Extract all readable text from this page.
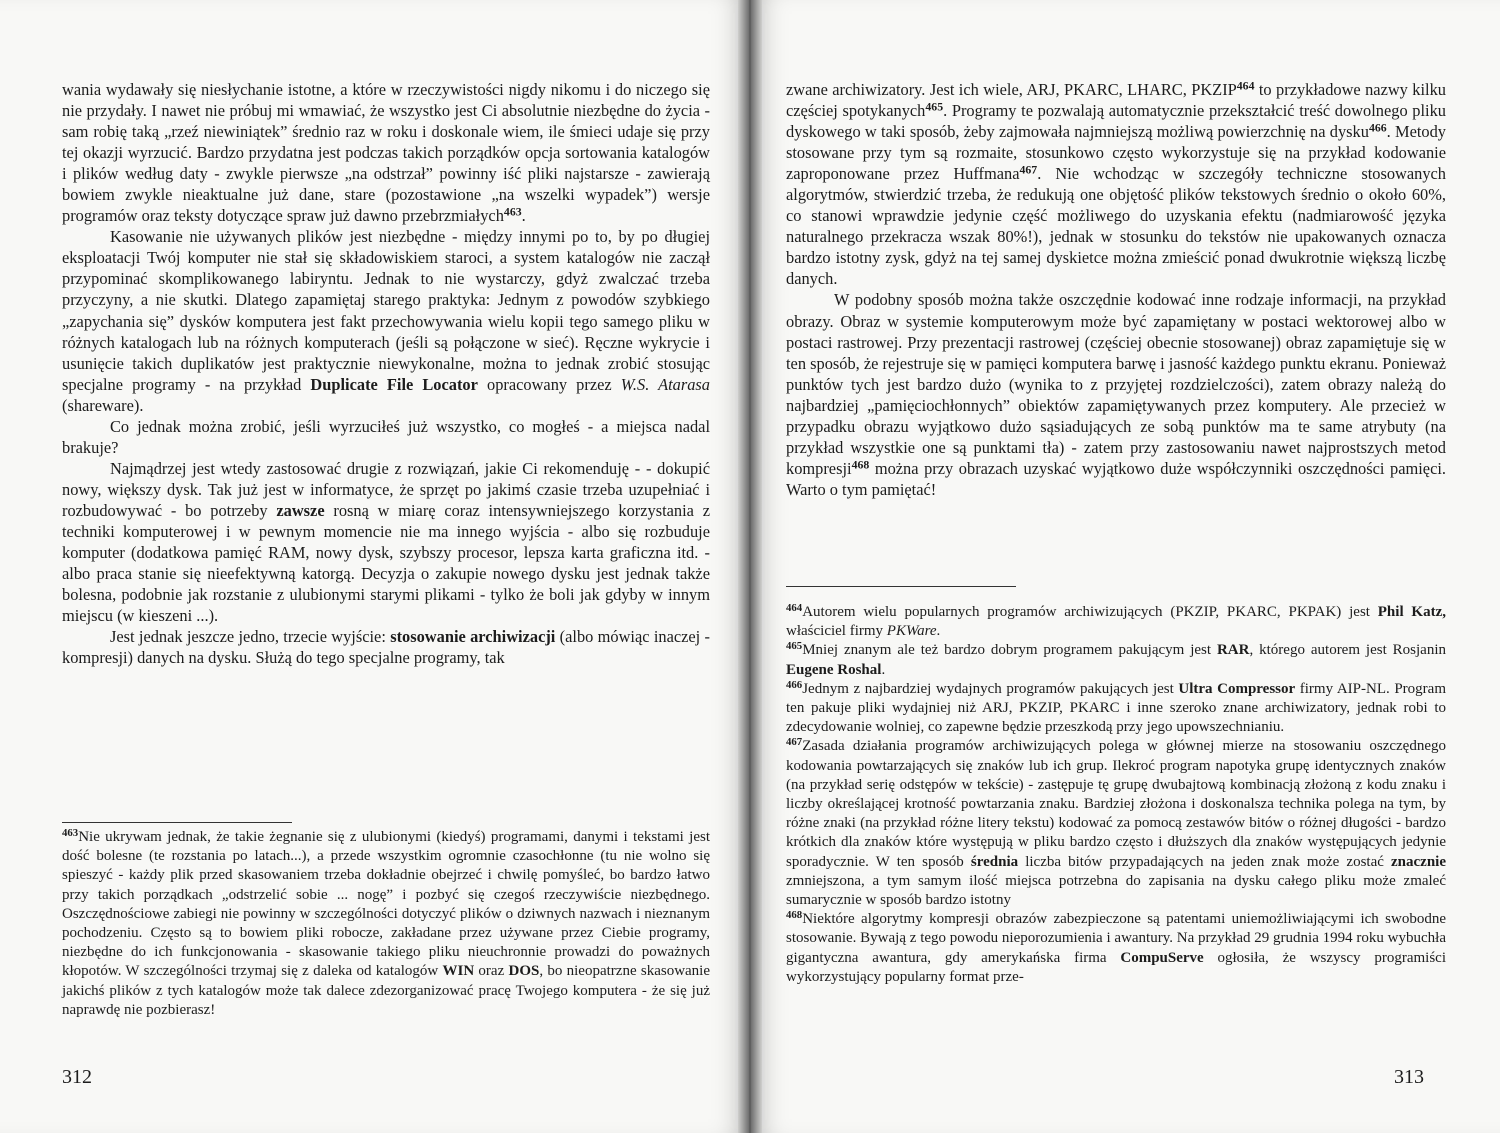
wania wydawały się niesłychanie istotne, a które w rzeczywistości nigdy nikomu i do niczego się nie przydały. I nawet nie próbuj mi wmawiać, że wszystko jest Ci absolutnie niezbędne do życia - sam robię taką „rzeź niewiniątek” średnio raz w roku i doskonale wiem, ile śmieci udaje się przy tej okazji wyrzucić. Bardzo przydatna jest podczas takich porządków opcja sortowania katalogów i plików według daty - zwykle pierwsze „na odstrzał” powinny iść pliki najstarsze - zawierają bowiem zwykle nieaktualne już dane, stare (pozostawione „na wszelki wypadek”) wersje programów oraz teksty dotyczące spraw już dawno przebrzmiałych$^{463}$.

Kasowanie nie używanych plików jest niezbędne - między innymi po to, by po długiej eksploatacji Twój komputer nie stał się składowiskiem staroci, a system katalogów nie zaczął przypominać skomplikowanego labiryntu. Jednak to nie wystarczy, gdyż zwalczać trzeba przyczyny, a nie skutki. Dlatego zapamiętaj starego praktyka: Jednym z powodów szybkiego „zapychania się” dysków komputera jest fakt przechowywania wielu kopii tego samego pliku w różnych katalogach lub na różnych komputerach (jeśli są połączone w sieć). Ręczne wykrycie i usunięcie takich duplikatów jest praktycznie niewykonalne, można to jednak zrobić stosując specjalne programy - na przykład Duplicate File Locator opracowany przez W.S. Atarasa (shareware).

Co jednak można zrobić, jeśli wyrzuciłeś już wszystko, co mogłeś - a miejsca nadal brakuje?

Najmądrzej jest wtedy zastosować drugie z rozwiązań, jakie Ci rekomenduję - - dokupić nowy, większy dysk. Tak już jest w informatyce, że sprzęt po jakimś czasie trzeba uzupełniać i rozbudowywać - bo potrzeby zawsze rosną w miarę coraz intensywniejszego korzystania z techniki komputerowej i w pewnym momencie nie ma innego wyjścia - albo się rozbuduje komputer (dodatkowa pamięć RAM, nowy dysk, szybszy procesor, lepsza karta graficzna itd. - albo praca stanie się nieefektywną katorgą. Decyzja o zakupie nowego dysku jest jednak także bolesna, podobnie jak rozstanie z ulubionymi starymi plikami - tylko że boli jak gdyby w innym miejscu (w kieszeni ...).

Jest jednak jeszcze jedno, trzecie wyjście: stosowanie archiwizacji (albo mówiąc inaczej - kompresji) danych na dysku. Służą do tego specjalne programy, tak

$^{463}$Nie ukrywam jednak, że takie żegnanie się z ulubionymi (kiedyś) programami, danymi i tekstami jest dość bolesne (te rozstania po latach...), a przede wszystkim ogromnie czasochłonne (tu nie wolno się spieszyć - każdy plik przed skasowaniem trzeba dokładnie obejrzeć i chwilę pomyśleć, bo bardzo łatwo przy takich porządkach „odstrzelić sobie ... nogę” i pozbyć się czegoś rzeczywiście niezbędnego. Oszczędnościowe zabiegi nie powinny w szczególności dotyczyć plików o dziwnych nazwach i nieznanym pochodzeniu. Często są to bowiem pliki robocze, zakładane przez używane przez Ciebie programy, niezbędne do ich funkcjonowania - skasowanie takiego pliku nieuchronnie prowadzi do poważnych kłopotów. W szczególności trzymaj się z daleka od katalogów WIN oraz DOS, bo nieopatrzne skasowanie jakichś plików z tych katalogów może tak dalece zdezorganizować pracę Twojego komputera - że się już naprawdę nie pozbierasz!

312

zwane archiwizatory. Jest ich wiele, ARJ, PKARC, LHARC, PKZIP$^{464}$ to przykładowe nazwy kilku częściej spotykanych$^{465}$. Programy te pozwalają automatycznie przekształcić treść dowolnego pliku dyskowego w taki sposób, żeby zajmowała najmniejszą możliwą powierzchnię na dysku$^{466}$. Metody stosowane przy tym są rozmaite, stosunkowo często wykorzystuje się na przykład kodowanie zaproponowane przez Huffmana$^{467}$. Nie wchodząc w szczegóły techniczne stosowanych algorytmów, stwierdzić trzeba, że redukują one objętość plików tekstowych średnio o około 60%, co stanowi wprawdzie jedynie część możliwego do uzyskania efektu (nadmiarowość języka naturalnego przekracza wszak 80%!), jednak w stosunku do tekstów nie upakowanych oznacza bardzo istotny zysk, gdyż na tej samej dyskietce można zmieścić ponad dwukrotnie większą liczbę danych.

W podobny sposób można także oszczędnie kodować inne rodzaje informacji, na przykład obrazy. Obraz w systemie komputerowym może być zapamiętany w postaci wektorowej albo w postaci rastrowej. Przy prezentacji rastrowej (częściej obecnie stosowanej) obraz zapamiętuje się w ten sposób, że rejestruje się w pamięci komputera barwę i jasność każdego punktu ekranu. Ponieważ punktów tych jest bardzo dużo (wynika to z przyjętej rozdzielczości), zatem obrazy należą do najbardziej „pamięciochłonnych” obiektów zapamiętywanych przez komputery. Ale przecież w przypadku obrazu wyjątkowo dużo sąsiadujących ze sobą punktów ma te same atrybuty (na przykład wszystkie one są punktami tła) - zatem przy zastosowaniu nawet najprostszych metod kompresji$^{468}$ można przy obrazach uzyskać wyjątkowo duże współczynniki oszczędności pamięci. Warto o tym pamiętać!

$^{464}$Autorem wielu popularnych programów archiwizujących (PKZIP, PKARC, PKPAK) jest Phil Katz, właściciel firmy PKWare.

$^{465}$Mniej znanym ale też bardzo dobrym programem pakującym jest RAR, którego autorem jest Rosjanin Eugene Roshal.

$^{466}$Jednym z najbardziej wydajnych programów pakujących jest Ultra Compressor firmy AIP-NL. Program ten pakuje pliki wydajniej niż ARJ, PKZIP, PKARC i inne szeroko znane archiwizatory, jednak robi to zdecydowanie wolniej, co zapewne będzie przeszkodą przy jego upowszechnianiu.

$^{467}$Zasada działania programów archiwizujących polega w głównej mierze na stosowaniu oszczędnego kodowania powtarzających się znaków lub ich grup. Ilekroć program napotyka grupę identycznych znaków (na przykład serię odstępów w tekście) - zastępuje tę grupę dwubajtową kombinacją złożoną z kodu znaku i liczby określającej krotność powtarzania znaku. Bardziej złożona i doskonalsza technika polega na tym, by różne znaki (na przykład różne litery tekstu) kodować za pomocą zestawów bitów o różnej długości - bardzo krótkich dla znaków które występują w pliku bardzo często i dłuższych dla znaków występujących jedynie sporadycznie. W ten sposób średnia liczba bitów przypadających na jeden znak może zostać znacznie zmniejszona, a tym samym ilość miejsca potrzebna do zapisania na dysku całego pliku może zmaleć sumarycznie w sposób bardzo istotny

$^{468}$Niektóre algorytmy kompresji obrazów zabezpieczone są patentami uniemożliwiającymi ich swobodne stosowanie. Bywają z tego powodu nieporozumienia i awantury. Na przykład 29 grudnia 1994 roku wybuchła gigantyczna awantura, gdy amerykańska firma CompuServe ogłosiła, że wszyscy programiści wykorzystujący popularny format prze-

313
